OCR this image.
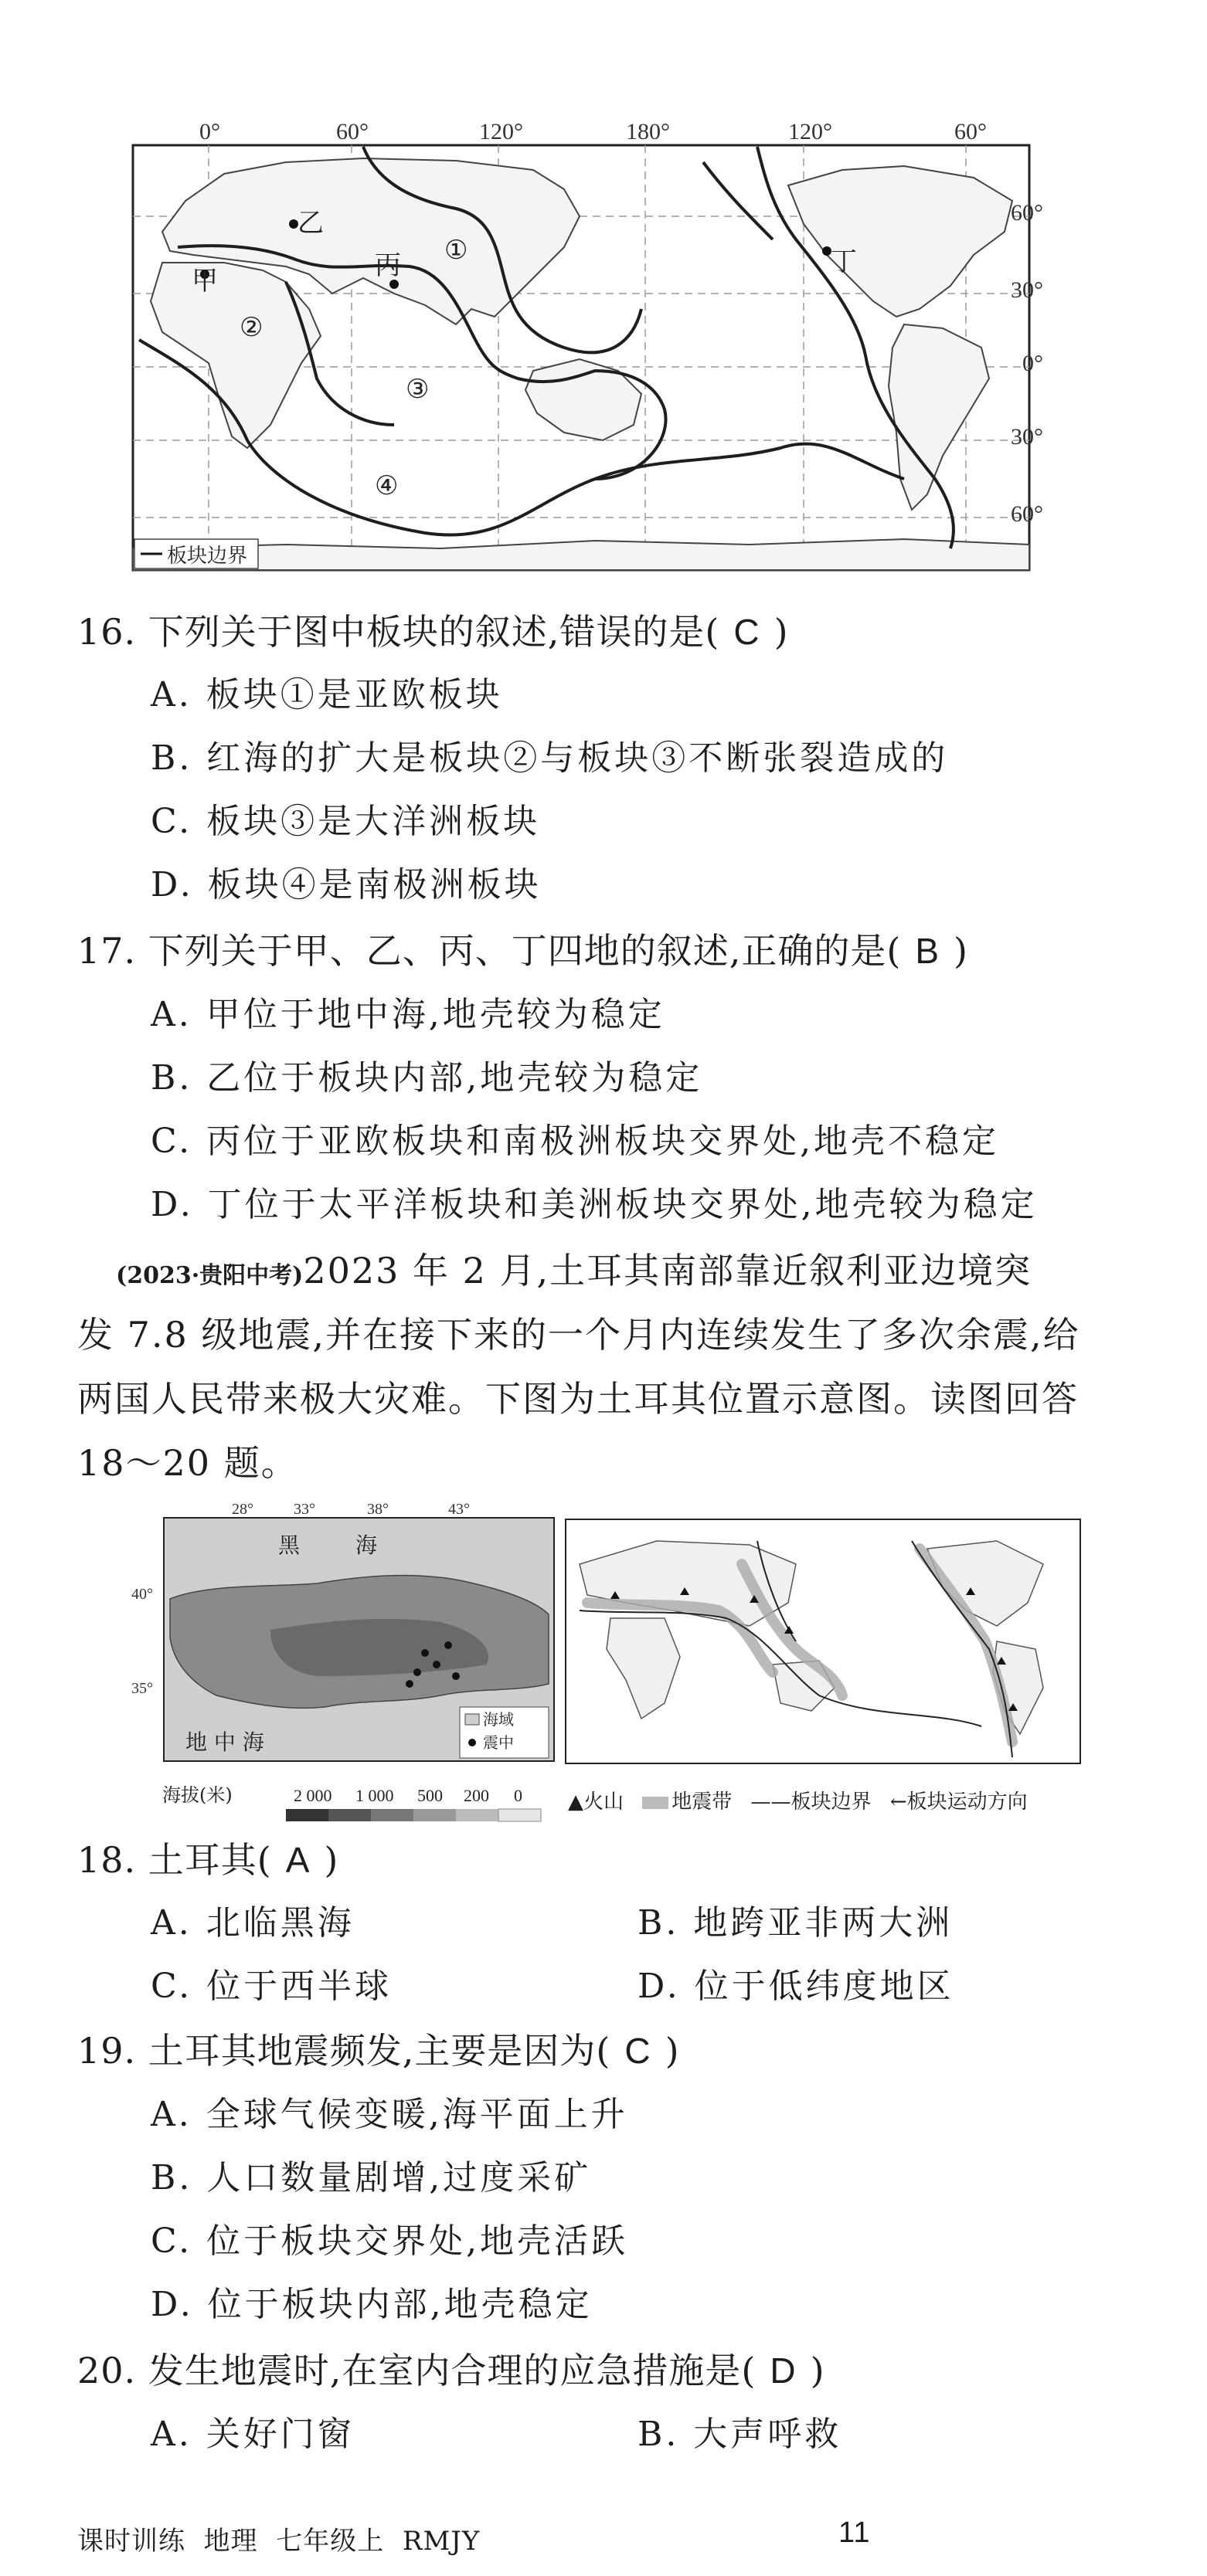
0°	60°	120°	180°	120°	60°
乙
丙	丁
甲
①
②
③
④
60°
30°
0°
30°
60°
板块边界
16. 下列关于图中板块的叙述,错误的是( C )
A. 板块①是亚欧板块
B. 红海的扩大是板块②与板块③不断张裂造成的
C. 板块③是大洋洲板块
D. 板块④是南极洲板块
17. 下列关于甲、乙、丙、丁四地的叙述,正确的是( B )
A. 甲位于地中海,地壳较为稳定
B. 乙位于板块内部,地壳较为稳定
C. 丙位于亚欧板块和南极洲板块交界处,地壳不稳定
D. 丁位于太平洋板块和美洲板块交界处,地壳较为稳定
(2023·贵阳中考)2023 年 2 月,土耳其南部靠近叙利亚边境突
发 7.8 级地震,并在接下来的一个月内连续发生了多次余震,给
两国人民带来极大灾难。下图为土耳其位置示意图。读图回答
18～20 题。
28°	33°	38°	43°
黑	海
地 中 海
40°
35°
海域
震中
海拔(米)	2 000 1 000 500 200 0 ▲火山 地震带 ——板块边界 ←板块运动方向
18. 土耳其( A )
A. 北临黑海	B. 地跨亚非两大洲
C. 位于西半球	D. 位于低纬度地区
19. 土耳其地震频发,主要是因为( C )
A. 全球气候变暖,海平面上升
B. 人口数量剧增,过度采矿
C. 位于板块交界处,地壳活跃
D. 位于板块内部,地壳稳定
20. 发生地震时,在室内合理的应急措施是( D )
A. 关好门窗	B. 大声呼救
课时训练  地理  七年级上  RMJY	11
